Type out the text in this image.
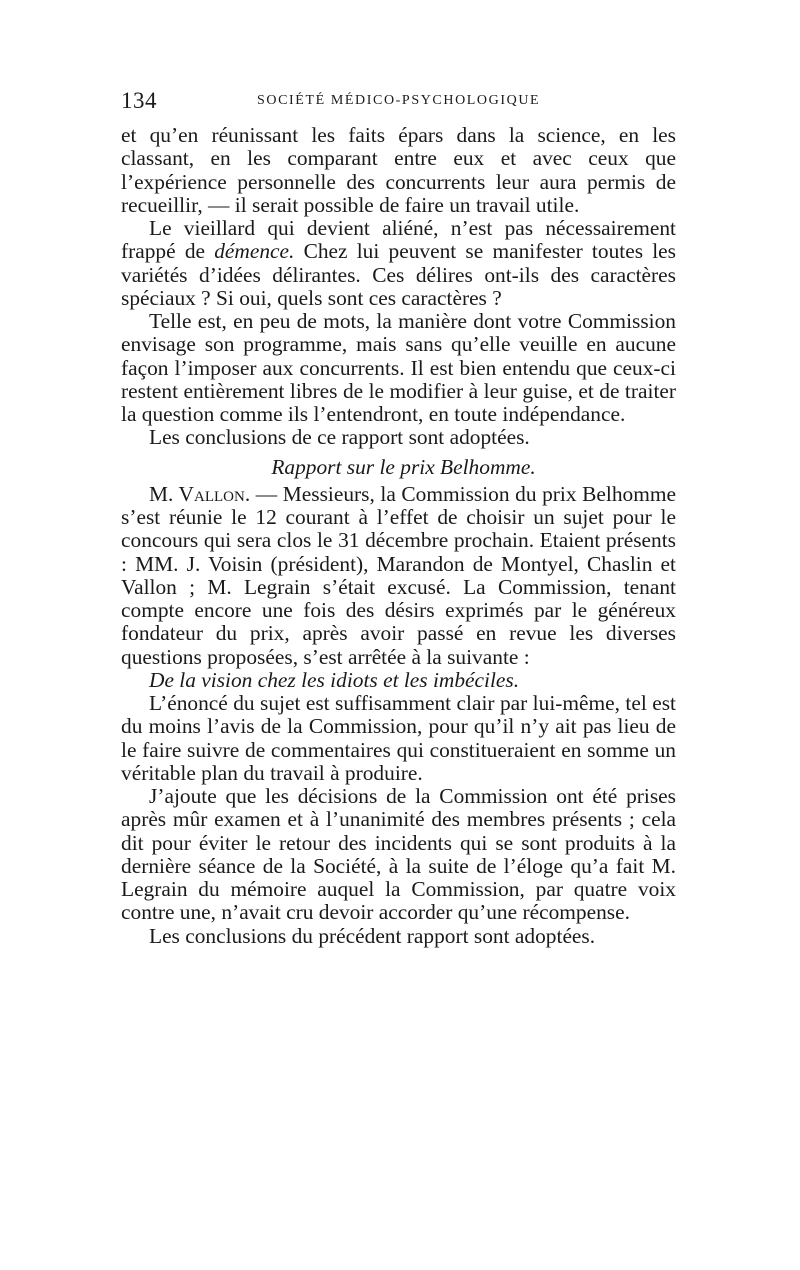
134	SOCIÉTÉ MÉDICO-PSYCHOLOGIQUE

et qu’en réunissant les faits épars dans la science, en les classant, en les comparant entre eux et avec ceux que l’expérience personnelle des concurrents leur aura permis de recueillir, — il serait possible de faire un travail utile.

Le vieillard qui devient aliéné, n’est pas nécessairement frappé de démence. Chez lui peuvent se manifester toutes les variétés d’idées délirantes. Ces délires ont-ils des caractères spéciaux ? Si oui, quels sont ces caractères ?

Telle est, en peu de mots, la manière dont votre Commission envisage son programme, mais sans qu’elle veuille en aucune façon l’imposer aux concurrents. Il est bien entendu que ceux-ci restent entièrement libres de le modifier à leur guise, et de traiter la question comme ils l’entendront, en toute indépendance.

Les conclusions de ce rapport sont adoptées.

Rapport sur le prix Belhomme.

M. Vallon. — Messieurs, la Commission du prix Belhomme s’est réunie le 12 courant à l’effet de choisir un sujet pour le concours qui sera clos le 31 décembre prochain. Etaient présents : MM. J. Voisin (président), Marandon de Montyel, Chaslin et Vallon ; M. Legrain s’était excusé. La Commission, tenant compte encore une fois des désirs exprimés par le généreux fondateur du prix, après avoir passé en revue les diverses questions proposées, s’est arrêtée à la suivante :

De la vision chez les idiots et les imbéciles.

L’énoncé du sujet est suffisamment clair par lui-même, tel est du moins l’avis de la Commission, pour qu’il n’y ait pas lieu de le faire suivre de commentaires qui constitueraient en somme un véritable plan du travail à produire.

J’ajoute que les décisions de la Commission ont été prises après mûr examen et à l’unanimité des membres présents ; cela dit pour éviter le retour des incidents qui se sont produits à la dernière séance de la Société, à la suite de l’éloge qu’a fait M. Legrain du mémoire auquel la Commission, par quatre voix contre une, n’avait cru devoir accorder qu’une récompense.

Les conclusions du précédent rapport sont adoptées.
